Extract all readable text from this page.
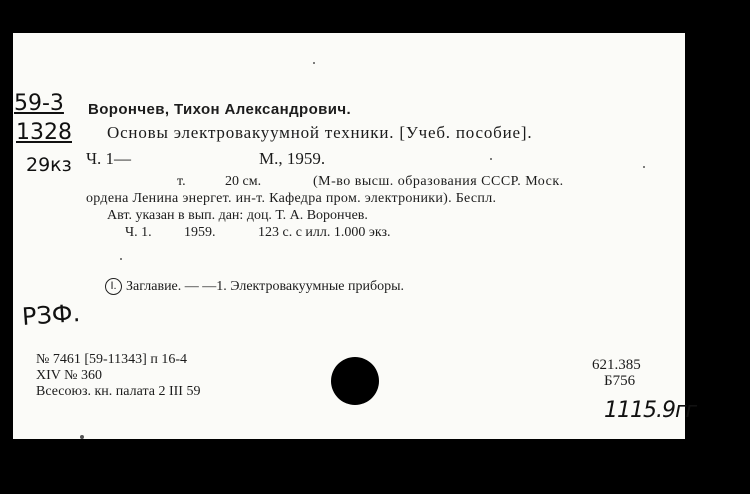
59-3
1328
29кз
Ворончев, Тихон Александрович.
Основы электровакуумной техники. [Учеб. пособие].
Ч. 1—	М., 1959.
т.	20 см.	(М-во высш. образования СССР. Моск.
ордена Ленина энергет. ин-т. Кафедра пром. электроники). Беспл.
Авт. указан в вып. дан: доц. Т. А. Ворончев.
Ч. 1. 1959.	123 с. с илл. 1.000 экз.
РЗФ.
I. Заглавие. — —1. Электровакуумные приборы.
№ 7461 [59-11343] п 16-4
XIV № 360
Всесоюз. кн. палата 2 III 59
621.385
Б756
1115.9гг
